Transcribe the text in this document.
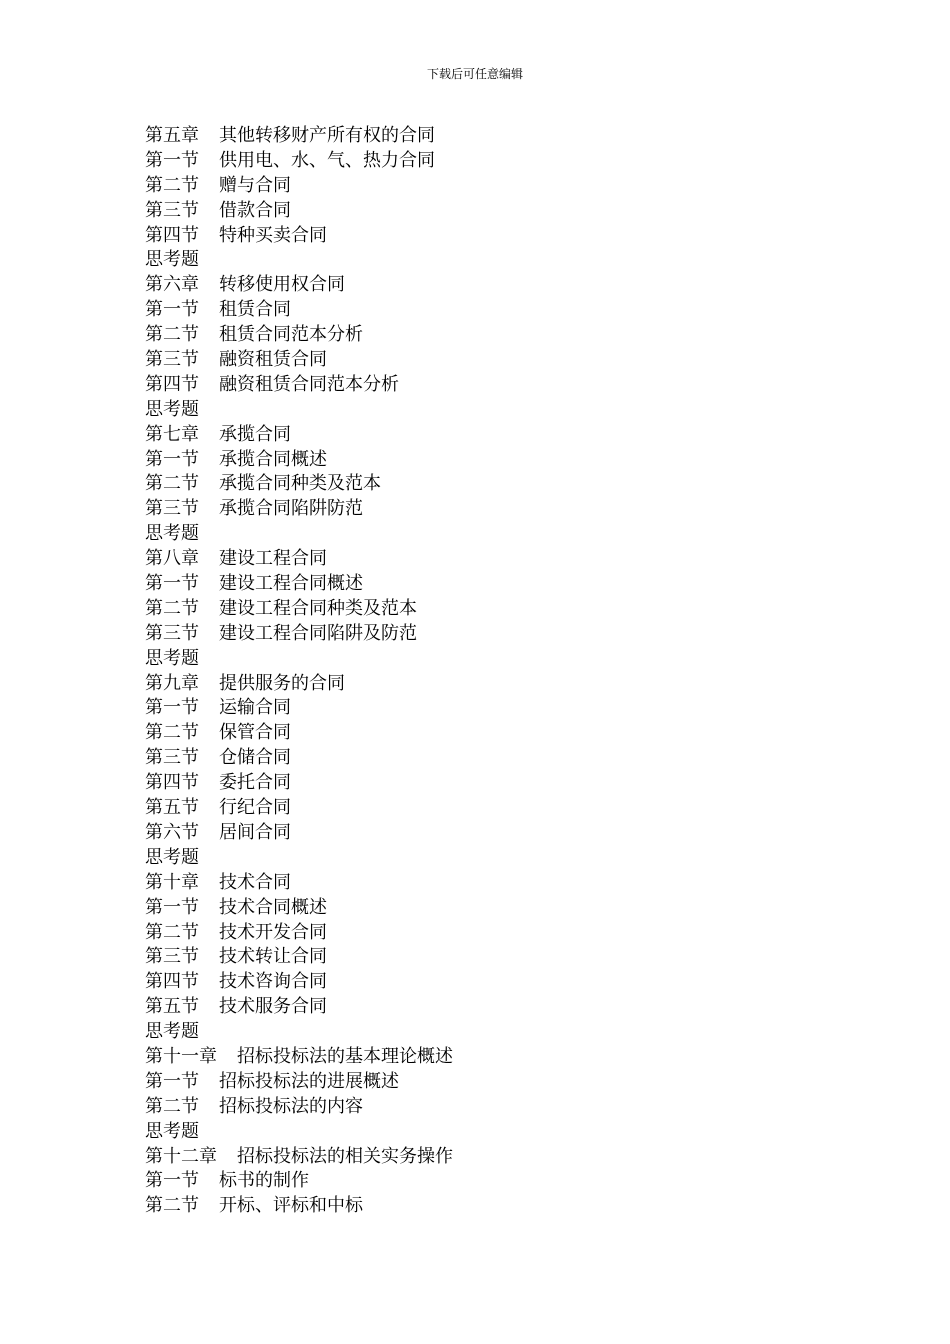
下载后可任意编辑
第五章 其他转移财产所有权的合同
第一节 供用电、水、气、热力合同
第二节 赠与合同
第三节 借款合同
第四节 特种买卖合同
思考题
第六章 转移使用权合同
第一节 租赁合同
第二节 租赁合同范本分析
第三节 融资租赁合同
第四节 融资租赁合同范本分析
思考题
第七章 承揽合同
第一节 承揽合同概述
第二节 承揽合同种类及范本
第三节 承揽合同陷阱防范
思考题
第八章 建设工程合同
第一节 建设工程合同概述
第二节 建设工程合同种类及范本
第三节 建设工程合同陷阱及防范
思考题
第九章 提供服务的合同
第一节 运输合同
第二节 保管合同
第三节 仓储合同
第四节 委托合同
第五节 行纪合同
第六节 居间合同
思考题
第十章 技术合同
第一节 技术合同概述
第二节 技术开发合同
第三节 技术转让合同
第四节 技术咨询合同
第五节 技术服务合同
思考题
第十一章 招标投标法的基本理论概述
第一节 招标投标法的进展概述
第二节 招标投标法的内容
思考题
第十二章 招标投标法的相关实务操作
第一节 标书的制作
第二节 开标、评标和中标
